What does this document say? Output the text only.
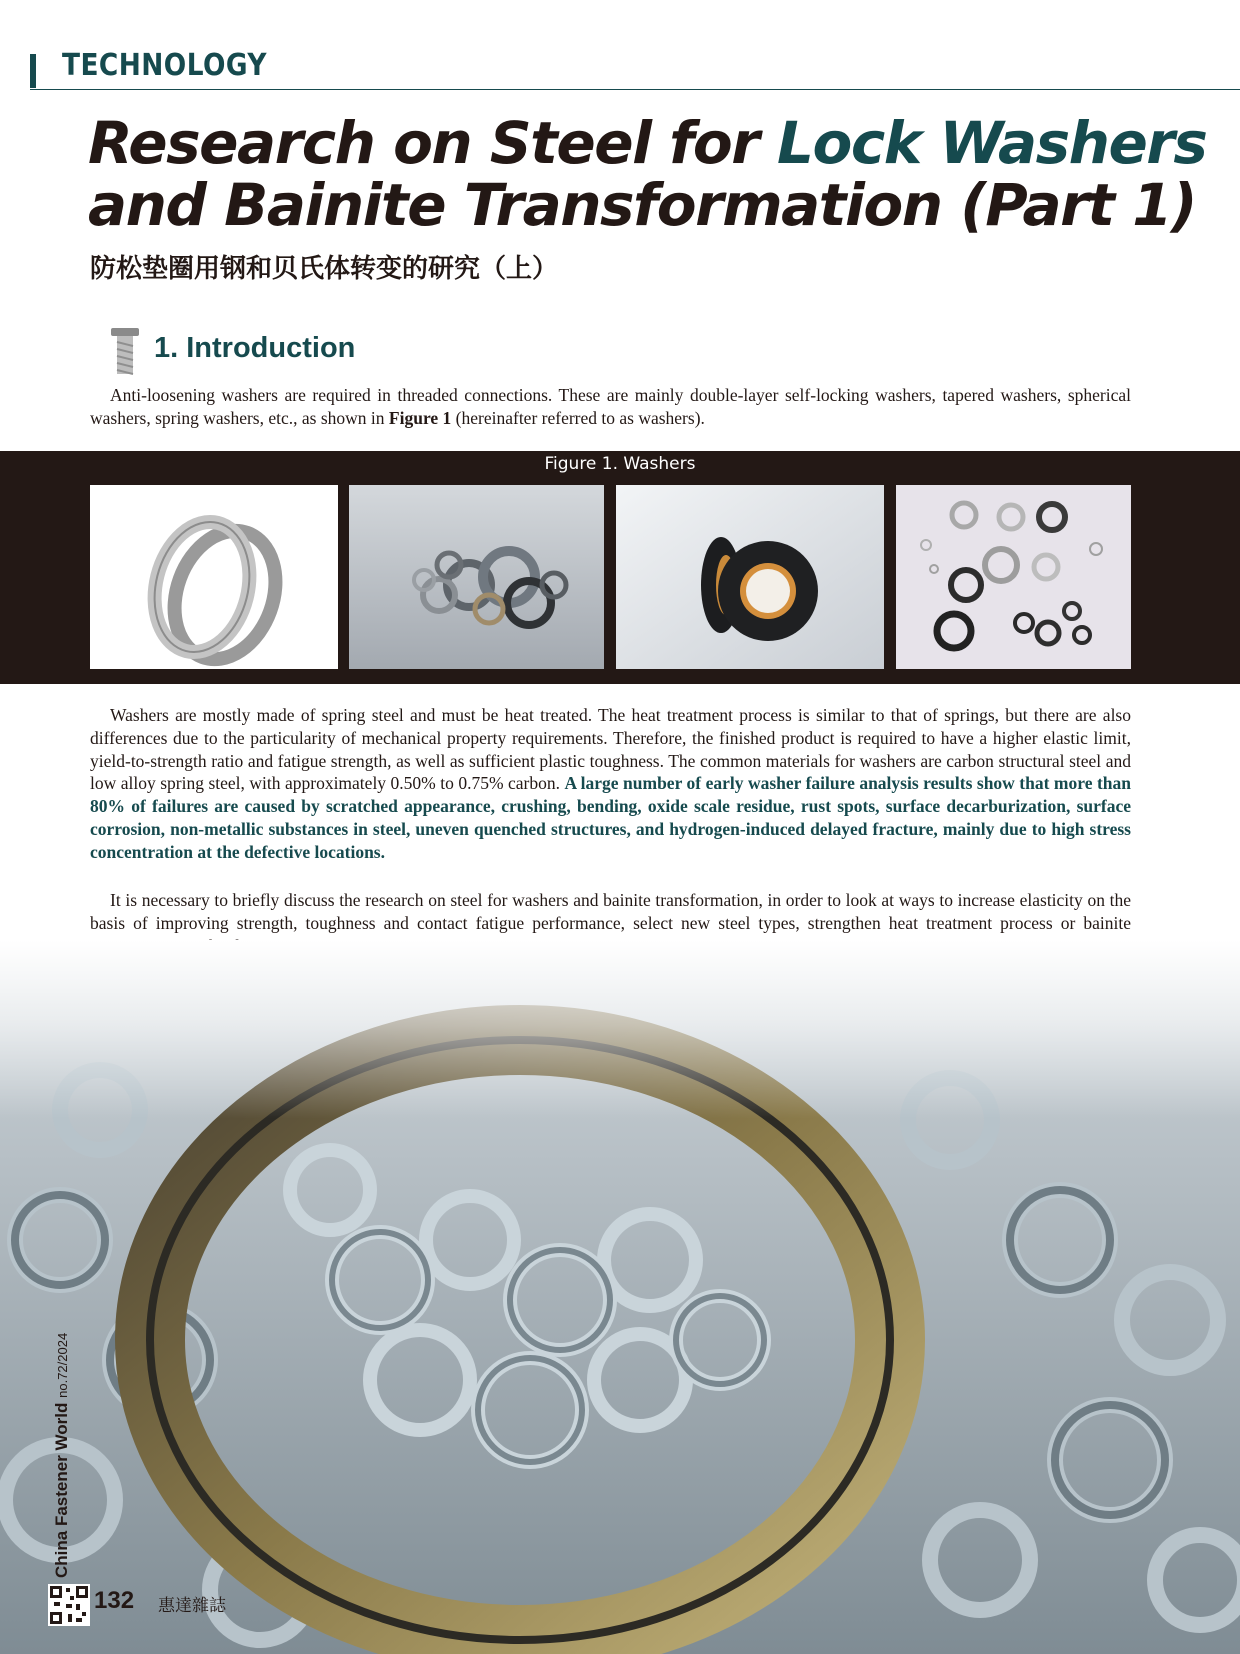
TECHNOLOGY
Research on Steel for Lock Washers and Bainite Transformation (Part 1)
防松垫圈用钢和贝氏体转变的研究（上）
1. Introduction

Anti-loosening washers are required in threaded connections. These are mainly double-layer self-locking washers, tapered washers, spherical washers, spring washers, etc., as shown in Figure 1 (hereinafter referred to as washers).

Figure 1. Washers

Washers are mostly made of spring steel and must be heat treated. The heat treatment process is similar to that of springs, but there are also differences due to the particularity of mechanical property requirements. Therefore, the finished product is required to have a higher elastic limit, yield-to-strength ratio and fatigue strength, as well as sufficient plastic toughness. The common materials for washers are carbon structural steel and low alloy spring steel, with approximately 0.50% to 0.75% carbon. A large number of early washer failure analysis results show that more than 80% of failures are caused by scratched appearance, crushing, bending, oxide scale residue, rust spots, surface decarburization, surface corrosion, non-metallic substances in steel, uneven quenched structures, and hydrogen-induced delayed fracture, mainly due to high stress concentration at the defective locations.

It is necessary to briefly discuss the research on steel for washers and bainite transformation, in order to look at ways to increase elasticity on the basis of improving strength, toughness and contact fatigue performance, select new steel types, strengthen heat treatment process or bainite

China Fastener World no.72/2024
132 惠達雜誌
